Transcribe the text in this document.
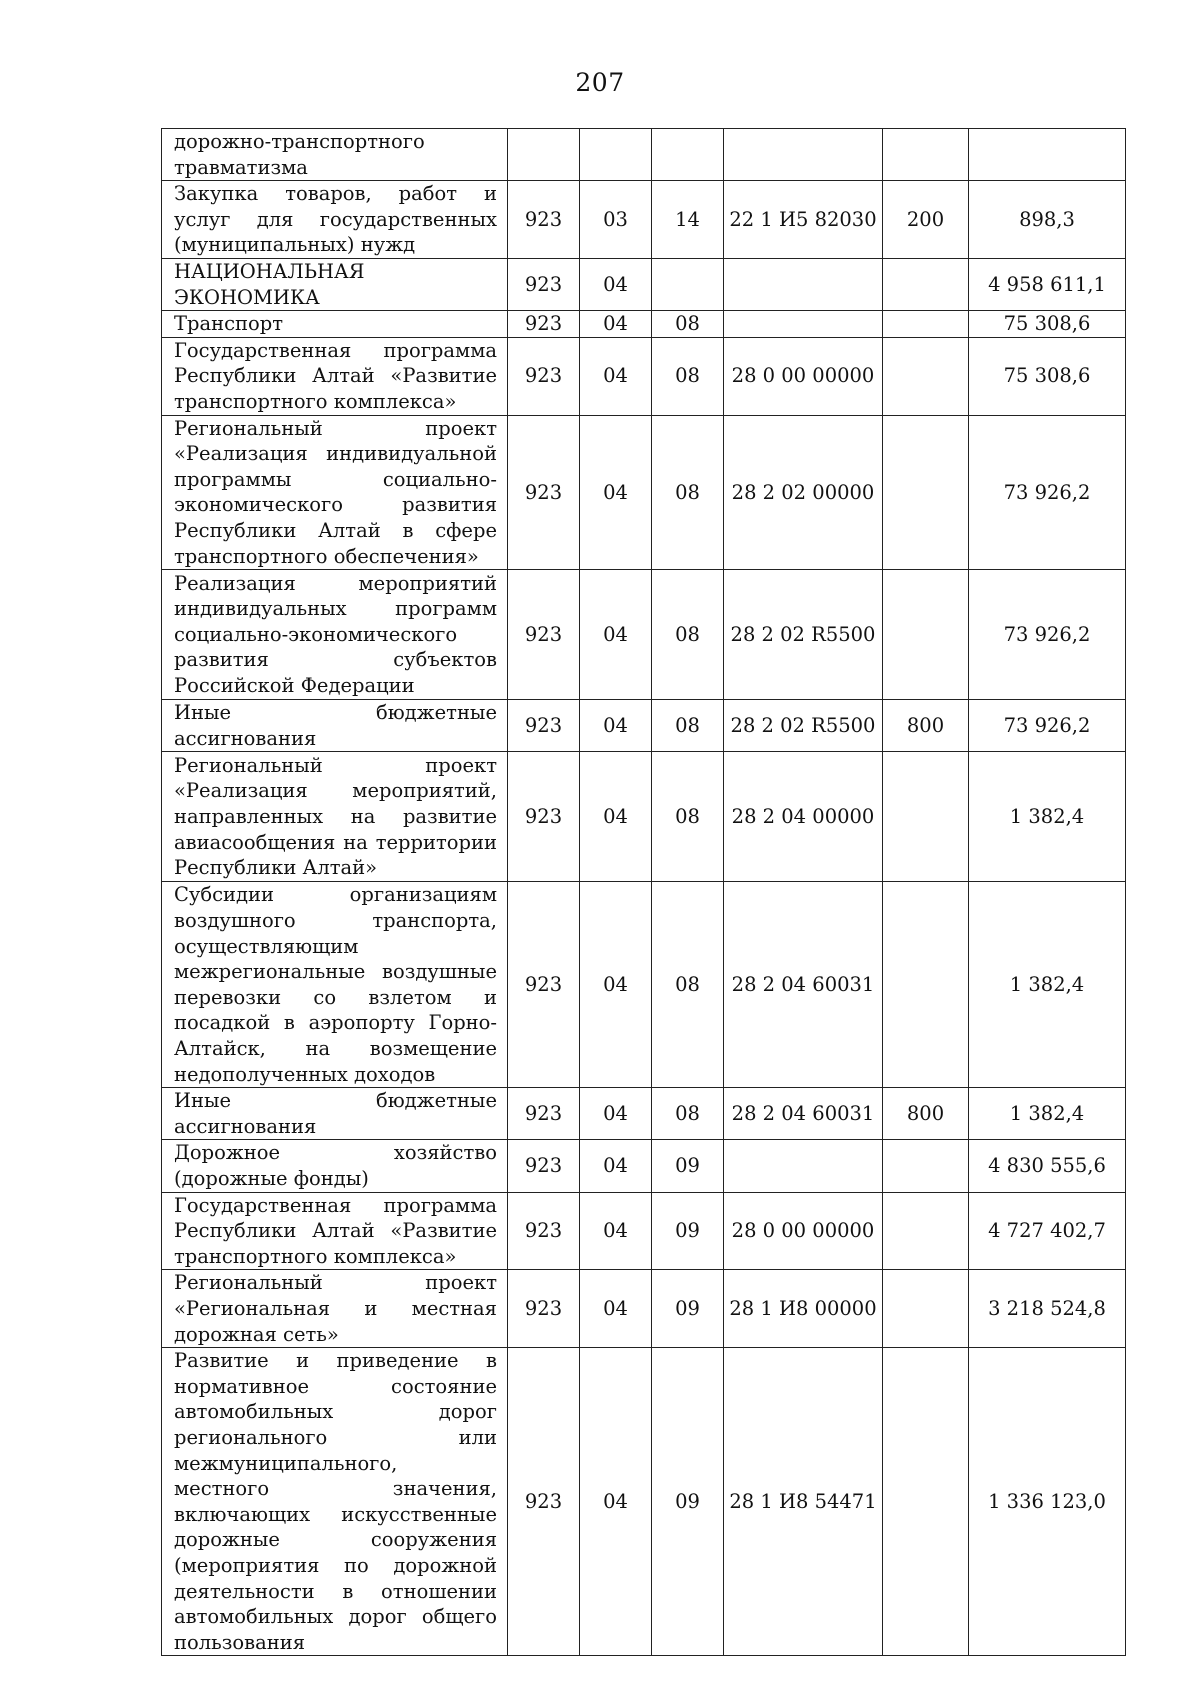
207
дорожно-транспортного травматизма						
Закупка товаров, работ и услуг для государственных (муниципальных) нужд	923	03	14	22 1 И5 82030	200	898,3
НАЦИОНАЛЬНАЯ ЭКОНОМИКА	923	04				4 958 611,1
Транспорт	923	04	08			75 308,6
Государственная программа Республики Алтай «Развитие транспортного комплекса»	923	04	08	28 0 00 00000		75 308,6
Региональный проект «Реализация индивидуальной программы социально-экономического развития Республики Алтай в сфере транспортного обеспечения»	923	04	08	28 2 02 00000		73 926,2
Реализация мероприятий индивидуальных программ социально-экономического развития субъектов Российской Федерации	923	04	08	28 2 02 R5500		73 926,2
Иные бюджетные ассигнования	923	04	08	28 2 02 R5500	800	73 926,2
Региональный проект «Реализация мероприятий, направленных на развитие авиасообщения на территории Республики Алтай»	923	04	08	28 2 04 00000		1 382,4
Субсидии организациям воздушного транспорта, осуществляющим межрегиональные воздушные перевозки со взлетом и посадкой в аэропорту Горно-Алтайск, на возмещение недополученных доходов	923	04	08	28 2 04 60031		1 382,4
Иные бюджетные ассигнования	923	04	08	28 2 04 60031	800	1 382,4
Дорожное хозяйство (дорожные фонды)	923	04	09			4 830 555,6
Государственная программа Республики Алтай «Развитие транспортного комплекса»	923	04	09	28 0 00 00000		4 727 402,7
Региональный проект «Региональная и местная дорожная сеть»	923	04	09	28 1 И8 00000		3 218 524,8
Развитие и приведение в нормативное состояние автомобильных дорог регионального или межмуниципального, местного значения, включающих искусственные дорожные сооружения (мероприятия по дорожной деятельности в отношении автомобильных дорог общего пользования	923	04	09	28 1 И8 54471		1 336 123,0
